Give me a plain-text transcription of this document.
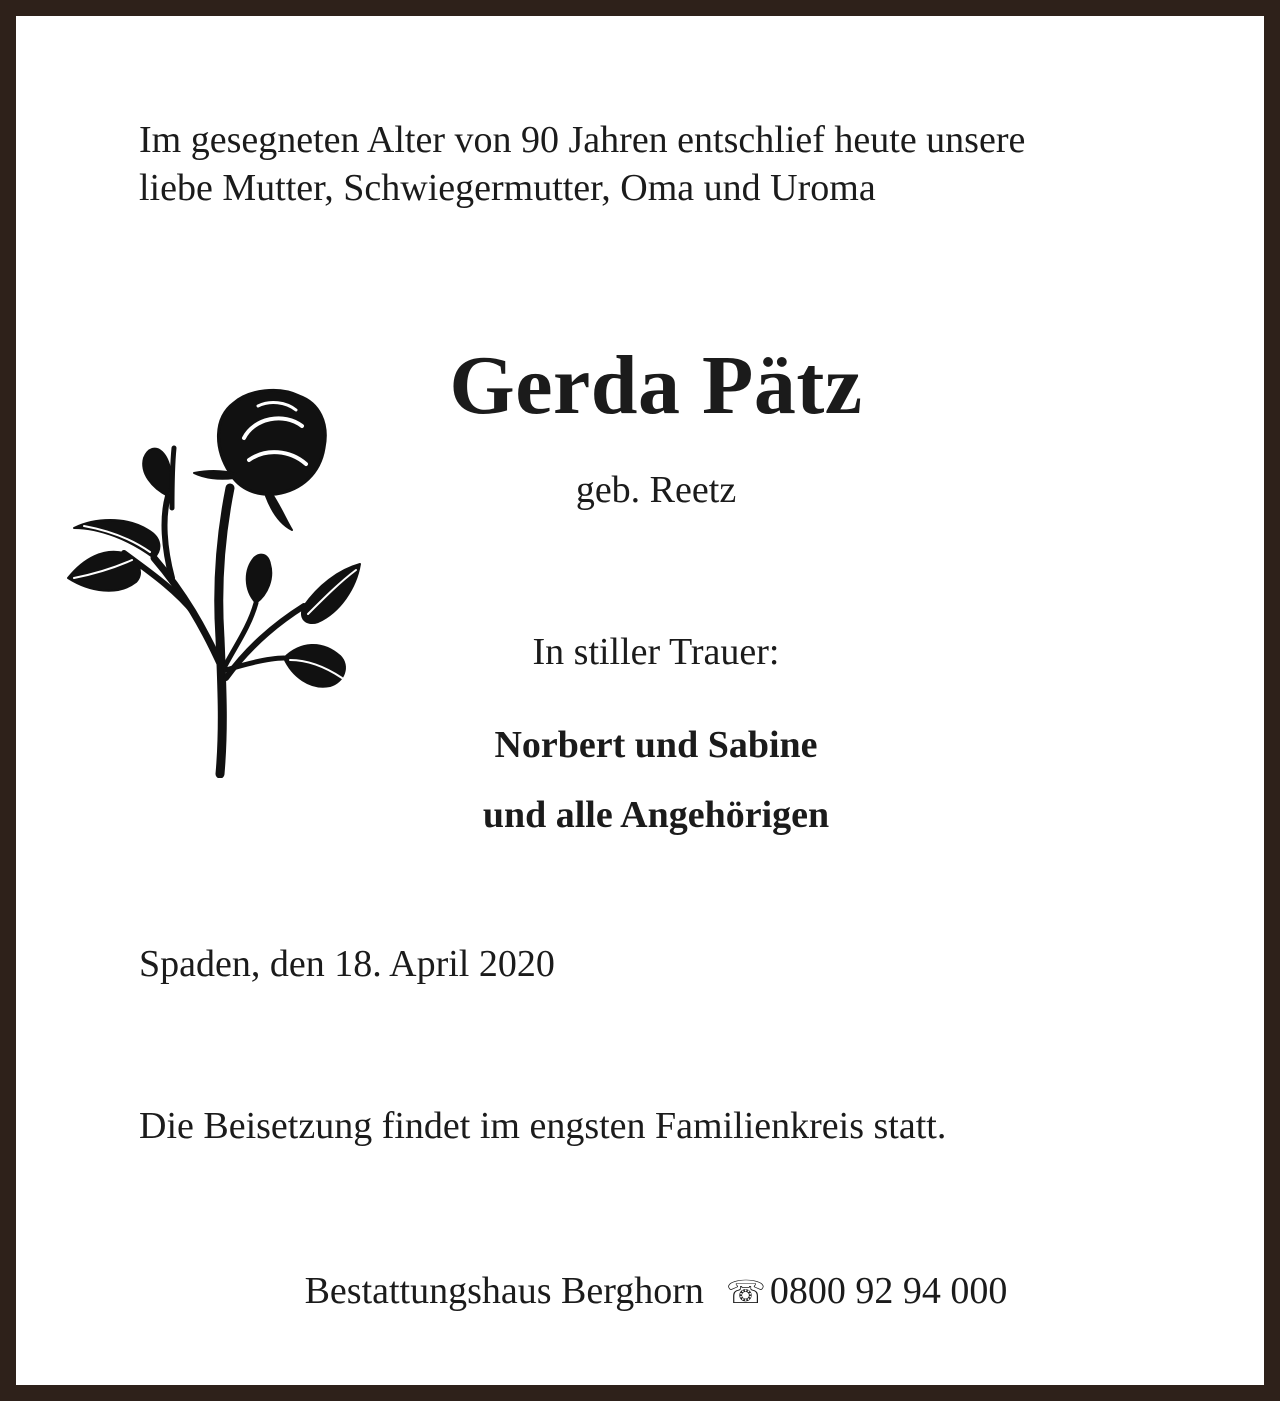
Im gesegneten Alter von 90 Jahren entschlief heute unsere
liebe Mutter, Schwiegermutter, Oma und Uroma
Gerda Pätz
geb. Reetz
In stiller Trauer:
Norbert und Sabine
und alle Angehörigen
Spaden, den 18. April 2020
Die Beisetzung findet im engsten Familienkreis statt.
Bestattungshaus Berghorn ☏ 0800 92 94 000
